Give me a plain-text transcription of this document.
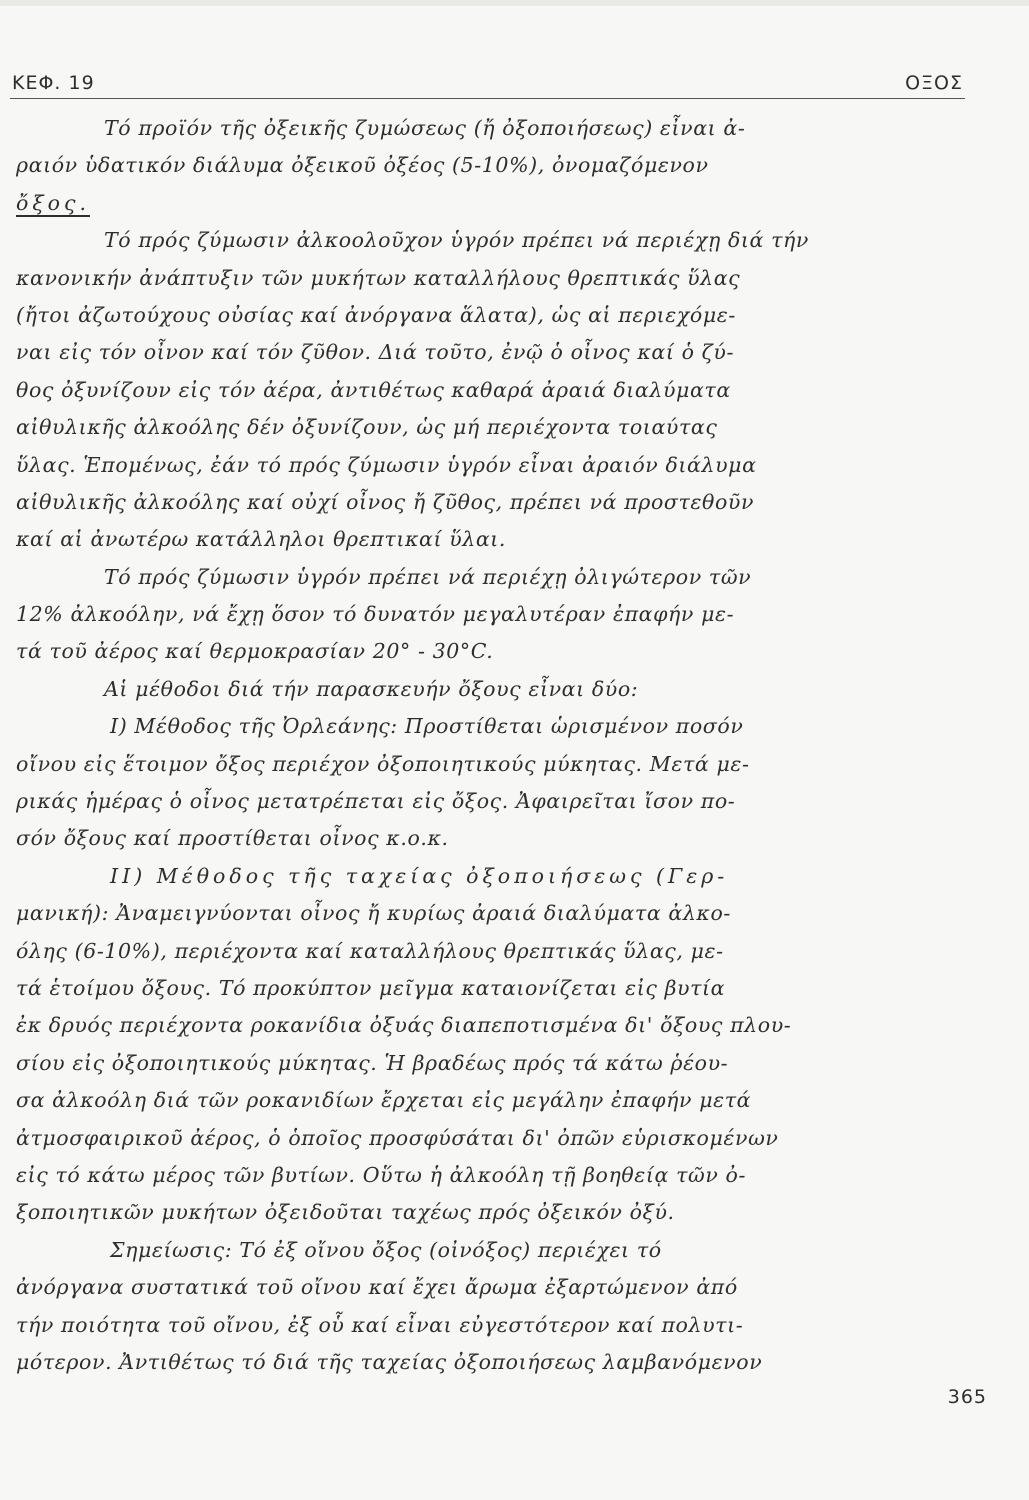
ΚΕΦ. 19	ΟΞΟΣ
Τό προϊόν τῆς ὀξεικῆς ζυμώσεως (ἤ ὀξοποιήσεως) εἶναι ἀ-
ραιόν ὑδατικόν διάλυμα ὀξεικοῦ ὀξέος (5-10%), ὀνομαζόμενον
ὄξος.
Τό πρός ζύμωσιν ἀλκοολοῦχον ὑγρόν πρέπει νά περιέχῃ διά τήν
κανονικήν ἀνάπτυξιν τῶν μυκήτων καταλλήλους θρεπτικάς ὕλας
(ἤτοι ἀζωτούχους οὐσίας καί ἀνόργανα ἅλατα), ὡς αἱ περιεχόμε-
ναι εἰς τόν οἶνον καί τόν ζῦθον. Διά τοῦτο, ἐνῷ ὁ οἶνος καί ὁ ζύ-
θος ὀξυνίζουν εἰς τόν ἀέρα, ἀντιθέτως καθαρά ἀραιά διαλύματα
αἰθυλικῆς ἀλκοόλης δέν ὀξυνίζουν, ὡς μή περιέχοντα τοιαύτας
ὕλας. Ἑπομένως, ἐάν τό πρός ζύμωσιν ὑγρόν εἶναι ἀραιόν διάλυμα
αἰθυλικῆς ἀλκοόλης καί οὐχί οἶνος ἤ ζῦθος, πρέπει νά προστεθοῦν
καί αἱ ἀνωτέρω κατάλληλοι θρεπτικαί ὕλαι.
Τό πρός ζύμωσιν ὑγρόν πρέπει νά περιέχῃ ὀλιγώτερον τῶν
12% ἀλκοόλην, νά ἔχῃ ὅσον τό δυνατόν μεγαλυτέραν ἐπαφήν με-
τά τοῦ ἀέρος καί θερμοκρασίαν 20° - 30°C.
Αἱ μέθοδοι διά τήν παρασκευήν ὄξους εἶναι δύο:
I) Μέθοδος τῆς Ὀρλεάνης: Προστίθεται ὡρισμένον ποσόν
οἴνου εἰς ἕτοιμον ὄξος περιέχον ὀξοποιητικούς μύκητας. Μετά με-
ρικάς ἡμέρας ὁ οἶνος μετατρέπεται εἰς ὄξος. Ἀφαιρεῖται ἴσον πο-
σόν ὄξους καί προστίθεται οἶνος κ.ο.κ.
II) Μέθοδος τῆς ταχείας ὀξοποιήσεως (Γερ-
μανική): Ἀναμειγνύονται οἶνος ἤ κυρίως ἀραιά διαλύματα ἀλκο-
όλης (6-10%), περιέχοντα καί καταλλήλους θρεπτικάς ὕλας, με-
τά ἑτοίμου ὄξους. Τό προκύπτον μεῖγμα καταιονίζεται εἰς βυτία
ἐκ δρυός περιέχοντα ροκανίδια ὀξυάς διαπεποτισμένα δι' ὄξους πλου-
σίου εἰς ὀξοποιητικούς μύκητας. Ἡ βραδέως πρός τά κάτω ῥέου-
σα ἀλκοόλη διά τῶν ροκανιδίων ἔρχεται εἰς μεγάλην ἐπαφήν μετά
ἀτμοσφαιρικοῦ ἀέρος, ὁ ὁποῖος προσφύσάται δι' ὀπῶν εὑρισκομένων
εἰς τό κάτω μέρος τῶν βυτίων. Οὕτω ἡ ἀλκοόλη τῇ βοηθείᾳ τῶν ὀ-
ξοποιητικῶν μυκήτων ὀξειδοῦται ταχέως πρός ὀξεικόν ὀξύ.
Σημείωσις: Τό ἐξ οἴνου ὄξος (οἰνόξος) περιέχει τό
ἀνόργανα συστατικά τοῦ οἴνου καί ἔχει ἄρωμα ἐξαρτώμενον ἀπό
τήν ποιότητα τοῦ οἴνου, ἐξ οὗ καί εἶναι εὐγεστότερον καί πολυτι-
μότερον. Ἀντιθέτως τό διά τῆς ταχείας ὀξοποιήσεως λαμβανόμενον
365
